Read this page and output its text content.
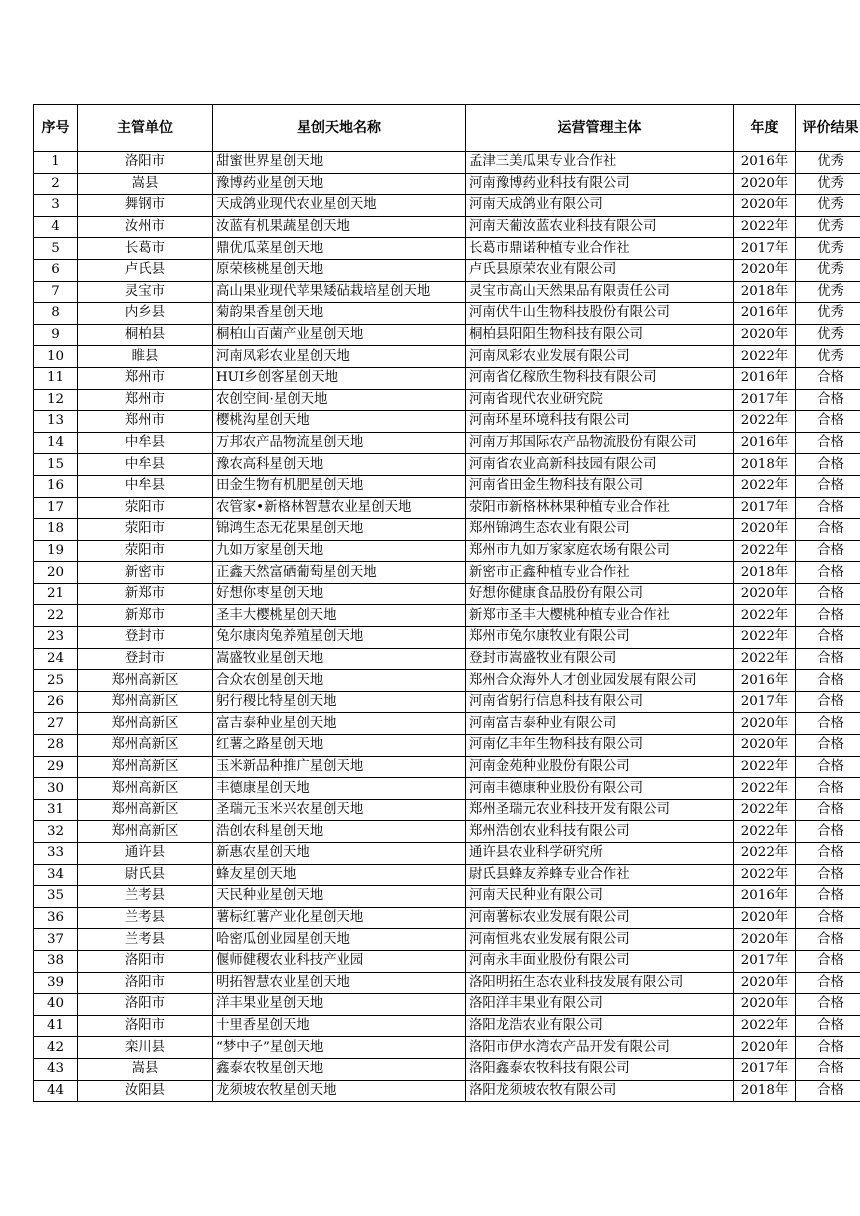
序号	主管单位	星创天地名称	运营管理主体	年度	评价结果
1	洛阳市	甜蜜世界星创天地	孟津三美瓜果专业合作社	2016年	优秀
2	嵩县	豫博药业星创天地	河南豫博药业科技有限公司	2020年	优秀
3	舞钢市	天成鸽业现代农业星创天地	河南天成鸽业有限公司	2020年	优秀
4	汝州市	汝蓝有机果蔬星创天地	河南天葡汝蓝农业科技有限公司	2022年	优秀
5	长葛市	鼎优瓜菜星创天地	长葛市鼎诺种植专业合作社	2017年	优秀
6	卢氏县	原荣核桃星创天地	卢氏县原荣农业有限公司	2020年	优秀
7	灵宝市	高山果业现代苹果矮砧栽培星创天地	灵宝市高山天然果品有限责任公司	2018年	优秀
8	内乡县	菊韵果香星创天地	河南伏牛山生物科技股份有限公司	2016年	优秀
9	桐柏县	桐柏山百菌产业星创天地	桐柏县阳阳生物科技有限公司	2020年	优秀
10	睢县	河南凤彩农业星创天地	河南凤彩农业发展有限公司	2022年	优秀
11	郑州市	HUI乡创客星创天地	河南省亿稼欣生物科技有限公司	2016年	合格
12	郑州市	农创空间·星创天地	河南省现代农业研究院	2017年	合格
13	郑州市	樱桃沟星创天地	河南环星环境科技有限公司	2022年	合格
14	中牟县	万邦农产品物流星创天地	河南万邦国际农产品物流股份有限公司	2016年	合格
15	中牟县	豫农高科星创天地	河南省农业高新科技园有限公司	2018年	合格
16	中牟县	田金生物有机肥星创天地	河南省田金生物科技有限公司	2022年	合格
17	荥阳市	农管家•新格林智慧农业星创天地	荥阳市新格林林果种植专业合作社	2017年	合格
18	荥阳市	锦鸿生态无花果星创天地	郑州锦鸿生态农业有限公司	2020年	合格
19	荥阳市	九如万家星创天地	郑州市九如万家家庭农场有限公司	2022年	合格
20	新密市	正鑫天然富硒葡萄星创天地	新密市正鑫种植专业合作社	2018年	合格
21	新郑市	好想你枣星创天地	好想你健康食品股份有限公司	2020年	合格
22	新郑市	圣丰大樱桃星创天地	新郑市圣丰大樱桃种植专业合作社	2022年	合格
23	登封市	兔尔康肉兔养殖星创天地	郑州市兔尔康牧业有限公司	2022年	合格
24	登封市	嵩盛牧业星创天地	登封市嵩盛牧业有限公司	2022年	合格
25	郑州高新区	合众农创星创天地	郑州合众海外人才创业园发展有限公司	2016年	合格
26	郑州高新区	躬行稷比特星创天地	河南省躬行信息科技有限公司	2017年	合格
27	郑州高新区	富吉泰种业星创天地	河南富吉泰种业有限公司	2020年	合格
28	郑州高新区	红薯之路星创天地	河南亿丰年生物科技有限公司	2020年	合格
29	郑州高新区	玉米新品种推广星创天地	河南金苑种业股份有限公司	2022年	合格
30	郑州高新区	丰德康星创天地	河南丰德康种业股份有限公司	2022年	合格
31	郑州高新区	圣瑞元玉米兴农星创天地	郑州圣瑞元农业科技开发有限公司	2022年	合格
32	郑州高新区	浩创农科星创天地	郑州浩创农业科技有限公司	2022年	合格
33	通许县	新惠农星创天地	通许县农业科学研究所	2022年	合格
34	尉氏县	蜂友星创天地	尉氏县蜂友养蜂专业合作社	2022年	合格
35	兰考县	天民种业星创天地	河南天民种业有限公司	2016年	合格
36	兰考县	薯标红薯产业化星创天地	河南薯标农业发展有限公司	2020年	合格
37	兰考县	哈密瓜创业园星创天地	河南恒兆农业发展有限公司	2020年	合格
38	洛阳市	偃师健稷农业科技产业园	河南永丰面业股份有限公司	2017年	合格
39	洛阳市	明拓智慧农业星创天地	洛阳明拓生态农业科技发展有限公司	2020年	合格
40	洛阳市	洋丰果业星创天地	洛阳洋丰果业有限公司	2020年	合格
41	洛阳市	十里香星创天地	洛阳龙浩农业有限公司	2022年	合格
42	栾川县	“梦中子”星创天地	洛阳市伊水湾农产品开发有限公司	2020年	合格
43	嵩县	鑫泰农牧星创天地	洛阳鑫泰农牧科技有限公司	2017年	合格
44	汝阳县	龙须坡农牧星创天地	洛阳龙须坡农牧有限公司	2018年	合格
